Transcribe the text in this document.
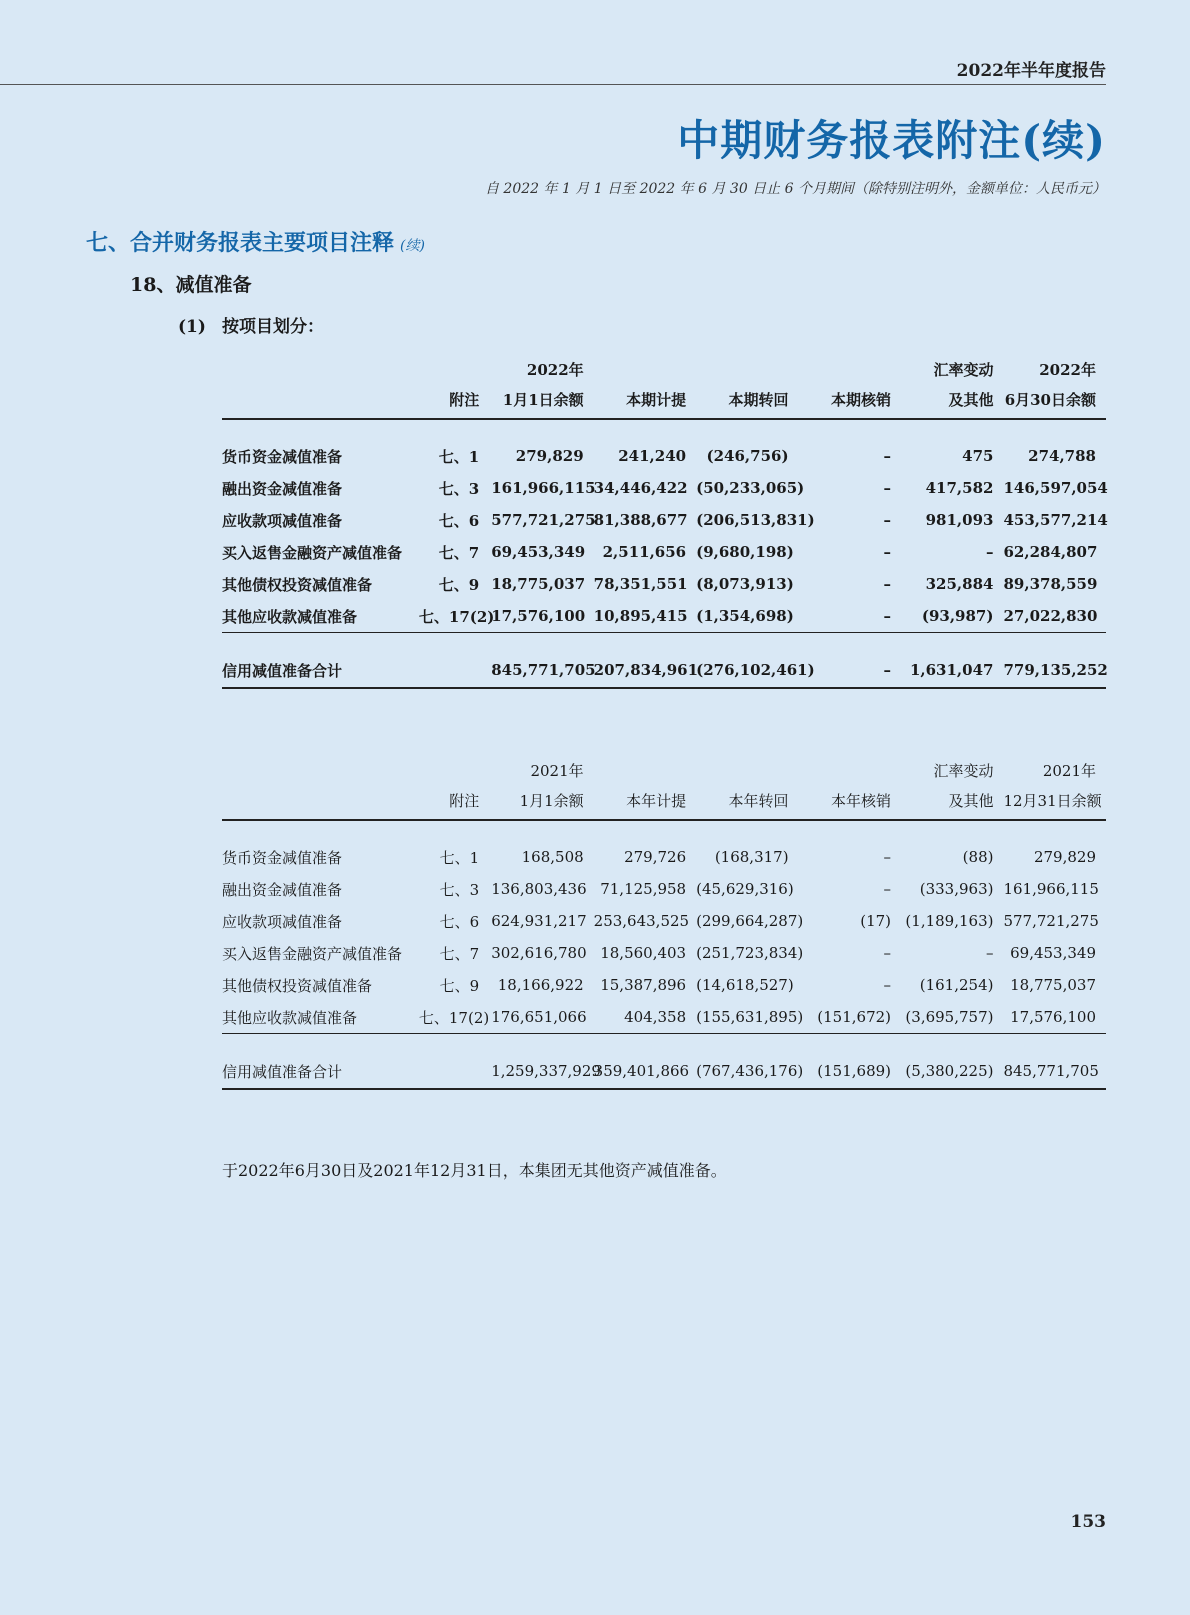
2022年半年度报告
中期财务报表附注(续)
自 2022 年 1 月 1 日至 2022 年 6 月 30 日止 6 个月期间（除特别注明外，金额单位：人民币元）
七、合并财务报表主要项目注释 (续)
18、减值准备
(1) 按项目划分：
		2022年				汇率变动	2022年
	附注	1月1日余额	本期计提	本期转回	本期核销	及其他	6月30日余额

货币资金减值准备	七、1	279,829	241,240	(246,756)	–	475	274,788
融出资金减值准备	七、3	161,966,115	34,446,422	(50,233,065)	–	417,582	146,597,054
应收款项减值准备	七、6	577,721,275	81,388,677	(206,513,831)	–	981,093	453,577,214
买入返售金融资产减值准备	七、7	69,453,349	2,511,656	(9,680,198)	–	–	62,284,807
其他债权投资减值准备	七、9	18,775,037	78,351,551	(8,073,913)	–	325,884	89,378,559
其他应收款减值准备	七、17(2)	17,576,100	10,895,415	(1,354,698)	–	(93,987)	27,022,830

信用减值准备合计		845,771,705	207,834,961	(276,102,461)	–	1,631,047	779,135,252
		2021年				汇率变动	2021年
	附注	1月1余额	本年计提	本年转回	本年核销	及其他	12月31日余额

货币资金减值准备	七、1	168,508	279,726	(168,317)	–	(88)	279,829
融出资金减值准备	七、3	136,803,436	71,125,958	(45,629,316)	–	(333,963)	161,966,115
应收款项减值准备	七、6	624,931,217	253,643,525	(299,664,287)	(17)	(1,189,163)	577,721,275
买入返售金融资产减值准备	七、7	302,616,780	18,560,403	(251,723,834)	–	–	69,453,349
其他债权投资减值准备	七、9	18,166,922	15,387,896	(14,618,527)	–	(161,254)	18,775,037
其他应收款减值准备	七、17(2)	176,651,066	404,358	(155,631,895)	(151,672)	(3,695,757)	17,576,100

信用减值准备合计		1,259,337,929	359,401,866	(767,436,176)	(151,689)	(5,380,225)	845,771,705
于2022年6月30日及2021年12月31日，本集团无其他资产减值准备。
153
